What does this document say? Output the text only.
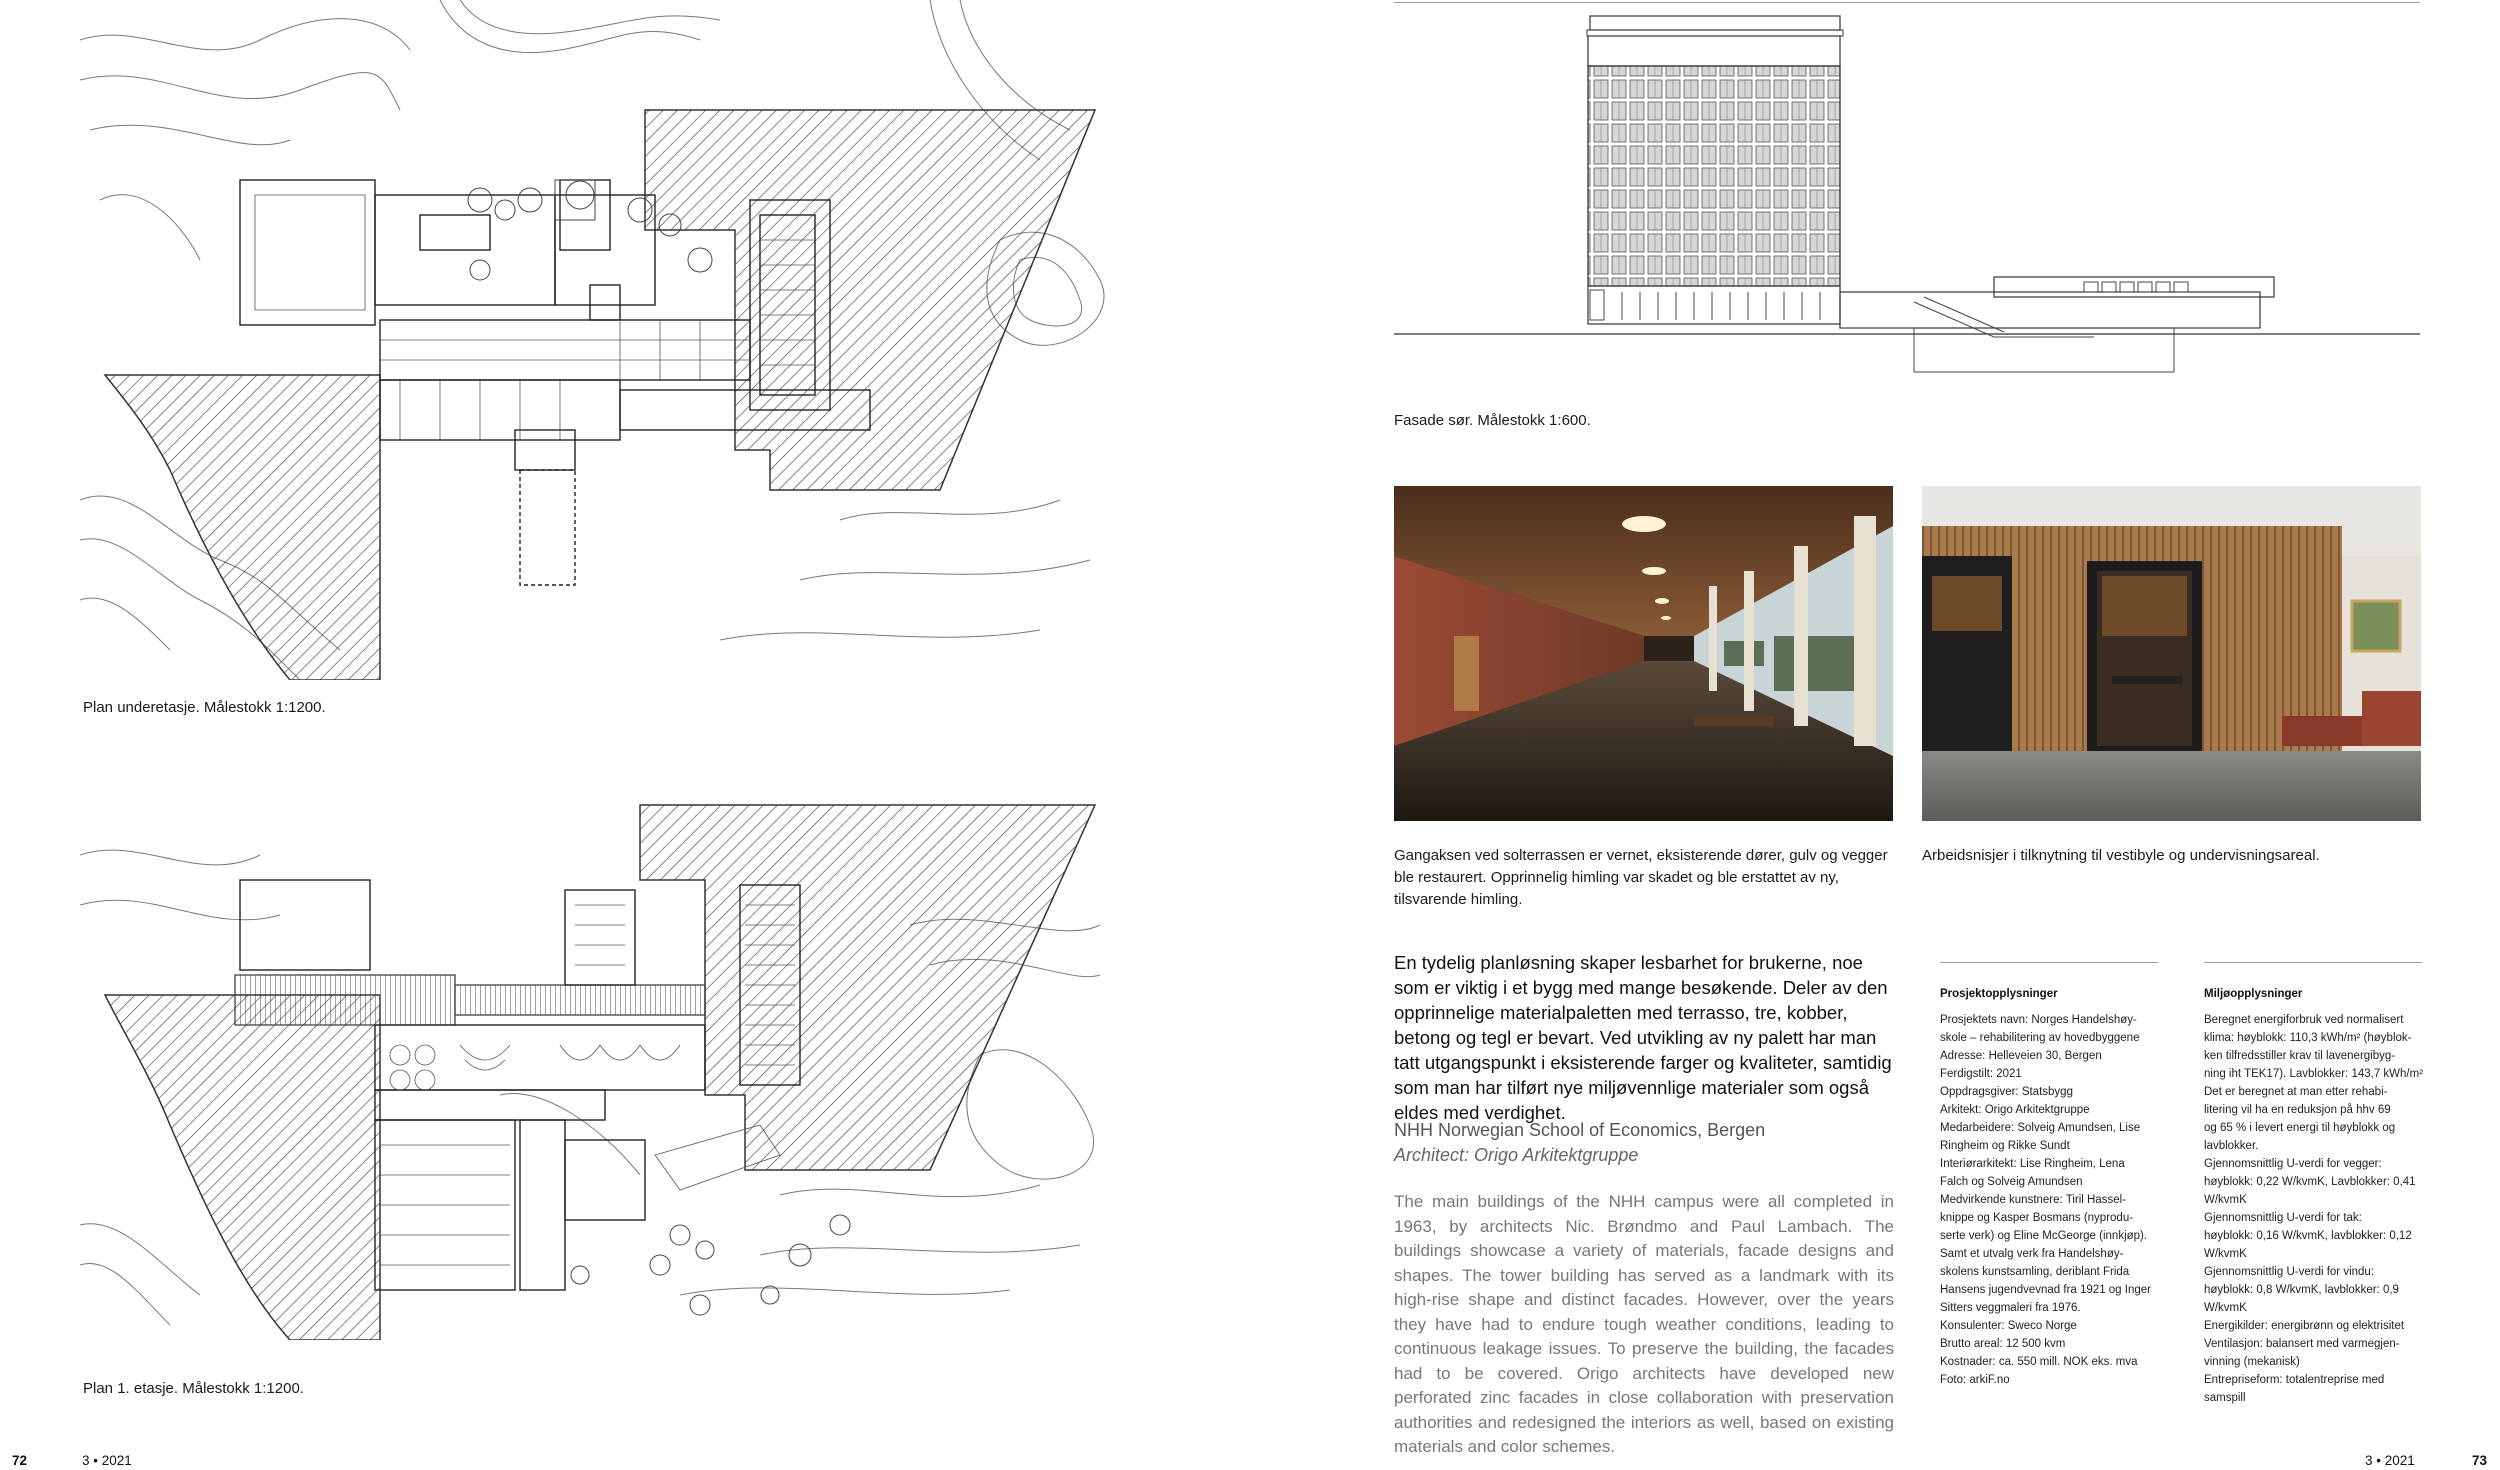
Plan underetasje. Målestokk 1:1200.
Plan 1. etasje. Målestokk 1:1200.
Fasade sør. Målestokk 1:600.
Gangaksen ved solterrassen er vernet, eksisterende dører, gulv og vegger ble restaurert. Opprinnelig himling var skadet og ble erstattet av ny, tilsvarende himling.
Arbeidsnisjer i tilknytning til vestibyle og undervisningsareal.
En tydelig planløsning skaper lesbarhet for brukerne, noe som er viktig i et bygg med mange besøkende. Deler av den opprinnelige materialpaletten med terrasso, tre, kobber, betong og tegl er bevart. Ved utvikling av ny palett har man tatt utgangspunkt i eksisterende farger og kvaliteter, samtidig som man har tilført nye miljøvennlige materialer som også eldes med verdighet.
NHH Norwegian School of Economics, Bergen
Architect: Origo Arkitektgruppe
The main buildings of the NHH campus were all completed in 1963, by architects Nic. Brøndmo and Paul Lambach. The buildings showcase a variety of materials, facade designs and shapes. The tower building has served as a landmark with its high-rise shape and distinct facades. However, over the years they have had to endure tough weather conditions, leading to continuous leakage issues. To preserve the building, the facades had to be covered. Origo architects have developed new perforated zinc facades in close collaboration with preservation authorities and redesigned the interiors as well, based on existing materials and color schemes.
Prosjektopplysninger
Prosjektets navn: Norges Handelshøy-
skole – rehabilitering av hovedbyggene
Adresse: Helleveien 30, Bergen
Ferdigstilt: 2021
Oppdragsgiver: Statsbygg
Arkitekt: Origo Arkitektgruppe
Medarbeidere: Solveig Amundsen, Lise
Ringheim og Rikke Sundt
Interiørarkitekt: Lise Ringheim, Lena
Falch og Solveig Amundsen
Medvirkende kunstnere: Tiril Hassel-
knippe og Kasper Bosmans (nyprodu-
serte verk) og Eline McGeorge (innkjøp).
Samt et utvalg verk fra Handelshøy-
skolens kunstsamling, deriblant Frida
Hansens jugendvevnad fra 1921 og Inger
Sitters veggmaleri fra 1976.
Konsulenter: Sweco Norge
Brutto areal: 12 500 kvm
Kostnader: ca. 550 mill. NOK eks. mva
Foto: arkiF.no
Miljøopplysninger
Beregnet energiforbruk ved normalisert
klima: høyblokk: 110,3 kWh/m² (høyblok-
ken tilfredsstiller krav til lavenergibyg-
ning iht TEK17). Lavblokker: 143,7 kWh/m²
Det er beregnet at man etter rehabi-
litering vil ha en reduksjon på hhv 69
og 65 % i levert energi til høyblokk og
lavblokker.
Gjennomsnittlig U-verdi for vegger:
høyblokk: 0,22 W/kvmK, Lavblokker: 0,41
W/kvmK
Gjennomsnittlig U-verdi for tak:
høyblokk: 0,16 W/kvmK, lavblokker: 0,12
W/kvmK
Gjennomsnittlig U-verdi for vindu:
høyblokk: 0,8 W/kvmK, lavblokker: 0,9
W/kvmK
Energikilder: energibrønn og elektrisitet
Ventilasjon: balansert med varmegjen-
vinning (mekanisk)
Entrepriseform: totalentreprise med
samspill
72	3 • 2021	3 • 2021	73
